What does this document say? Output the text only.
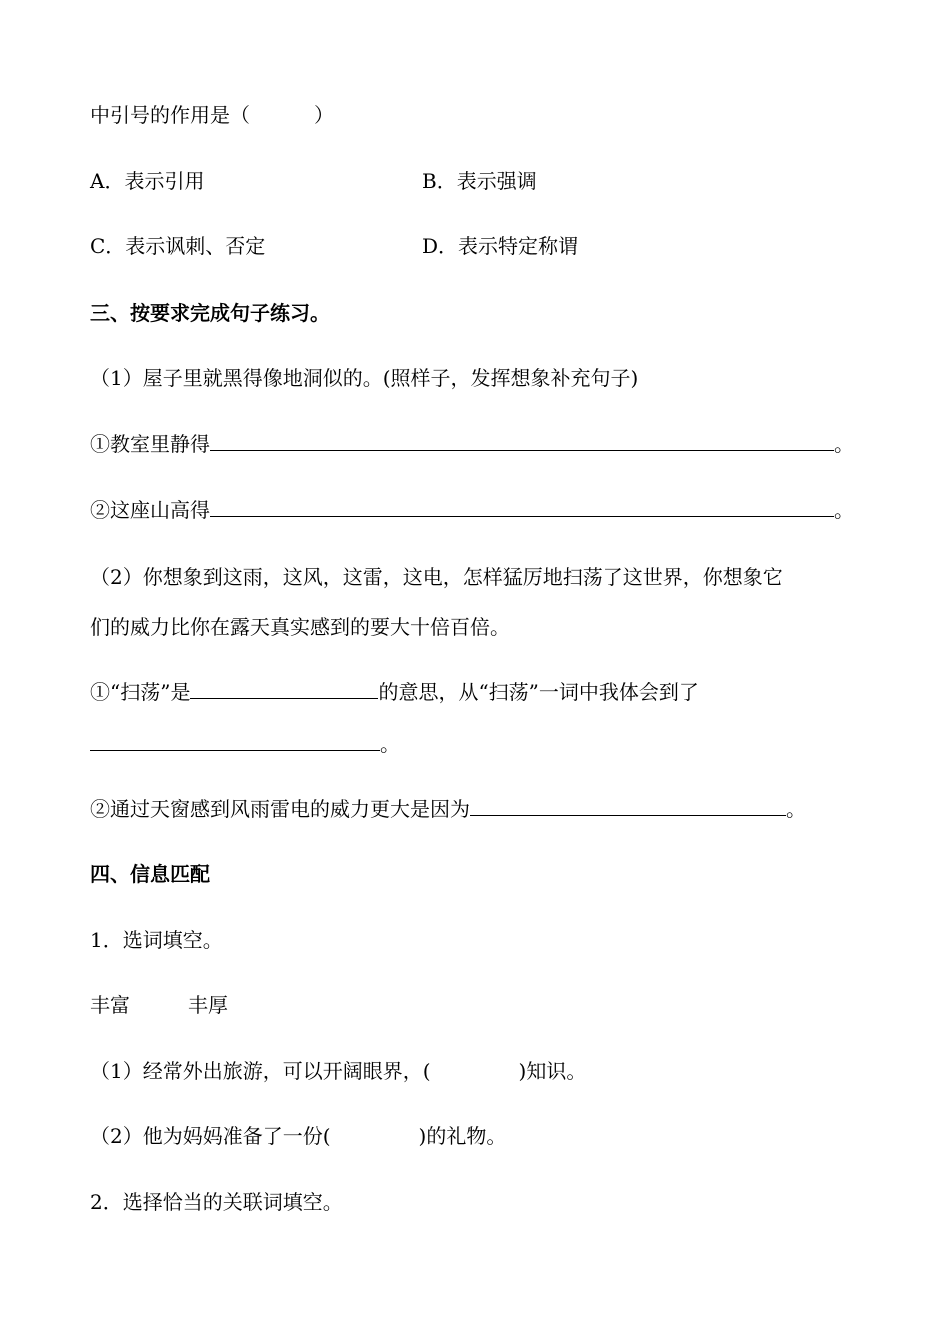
中引号的作用是（	）
A．表示引用	B．表示强调
C．表示讽刺、否定	D．表示特定称谓
三、按要求完成句子练习。
（1）屋子里就黑得像地洞似的。(照样子，发挥想象补充句子)
①教室里静得	。
②这座山高得	。
（2）你想象到这雨，这风，这雷，这电，怎样猛厉地扫荡了这世界，你想象它
们的威力比你在露天真实感到的要大十倍百倍。
①“扫荡”是	的意思，从“扫荡”一词中我体会到了
。
②通过天窗感到风雨雷电的威力更大是因为	。
四、信息匹配
1．选词填空。
丰富	丰厚
（1）经常外出旅游，可以开阔眼界，(	)知识。
（2）他为妈妈准备了一份(	)的礼物。
2．选择恰当的关联词填空。
